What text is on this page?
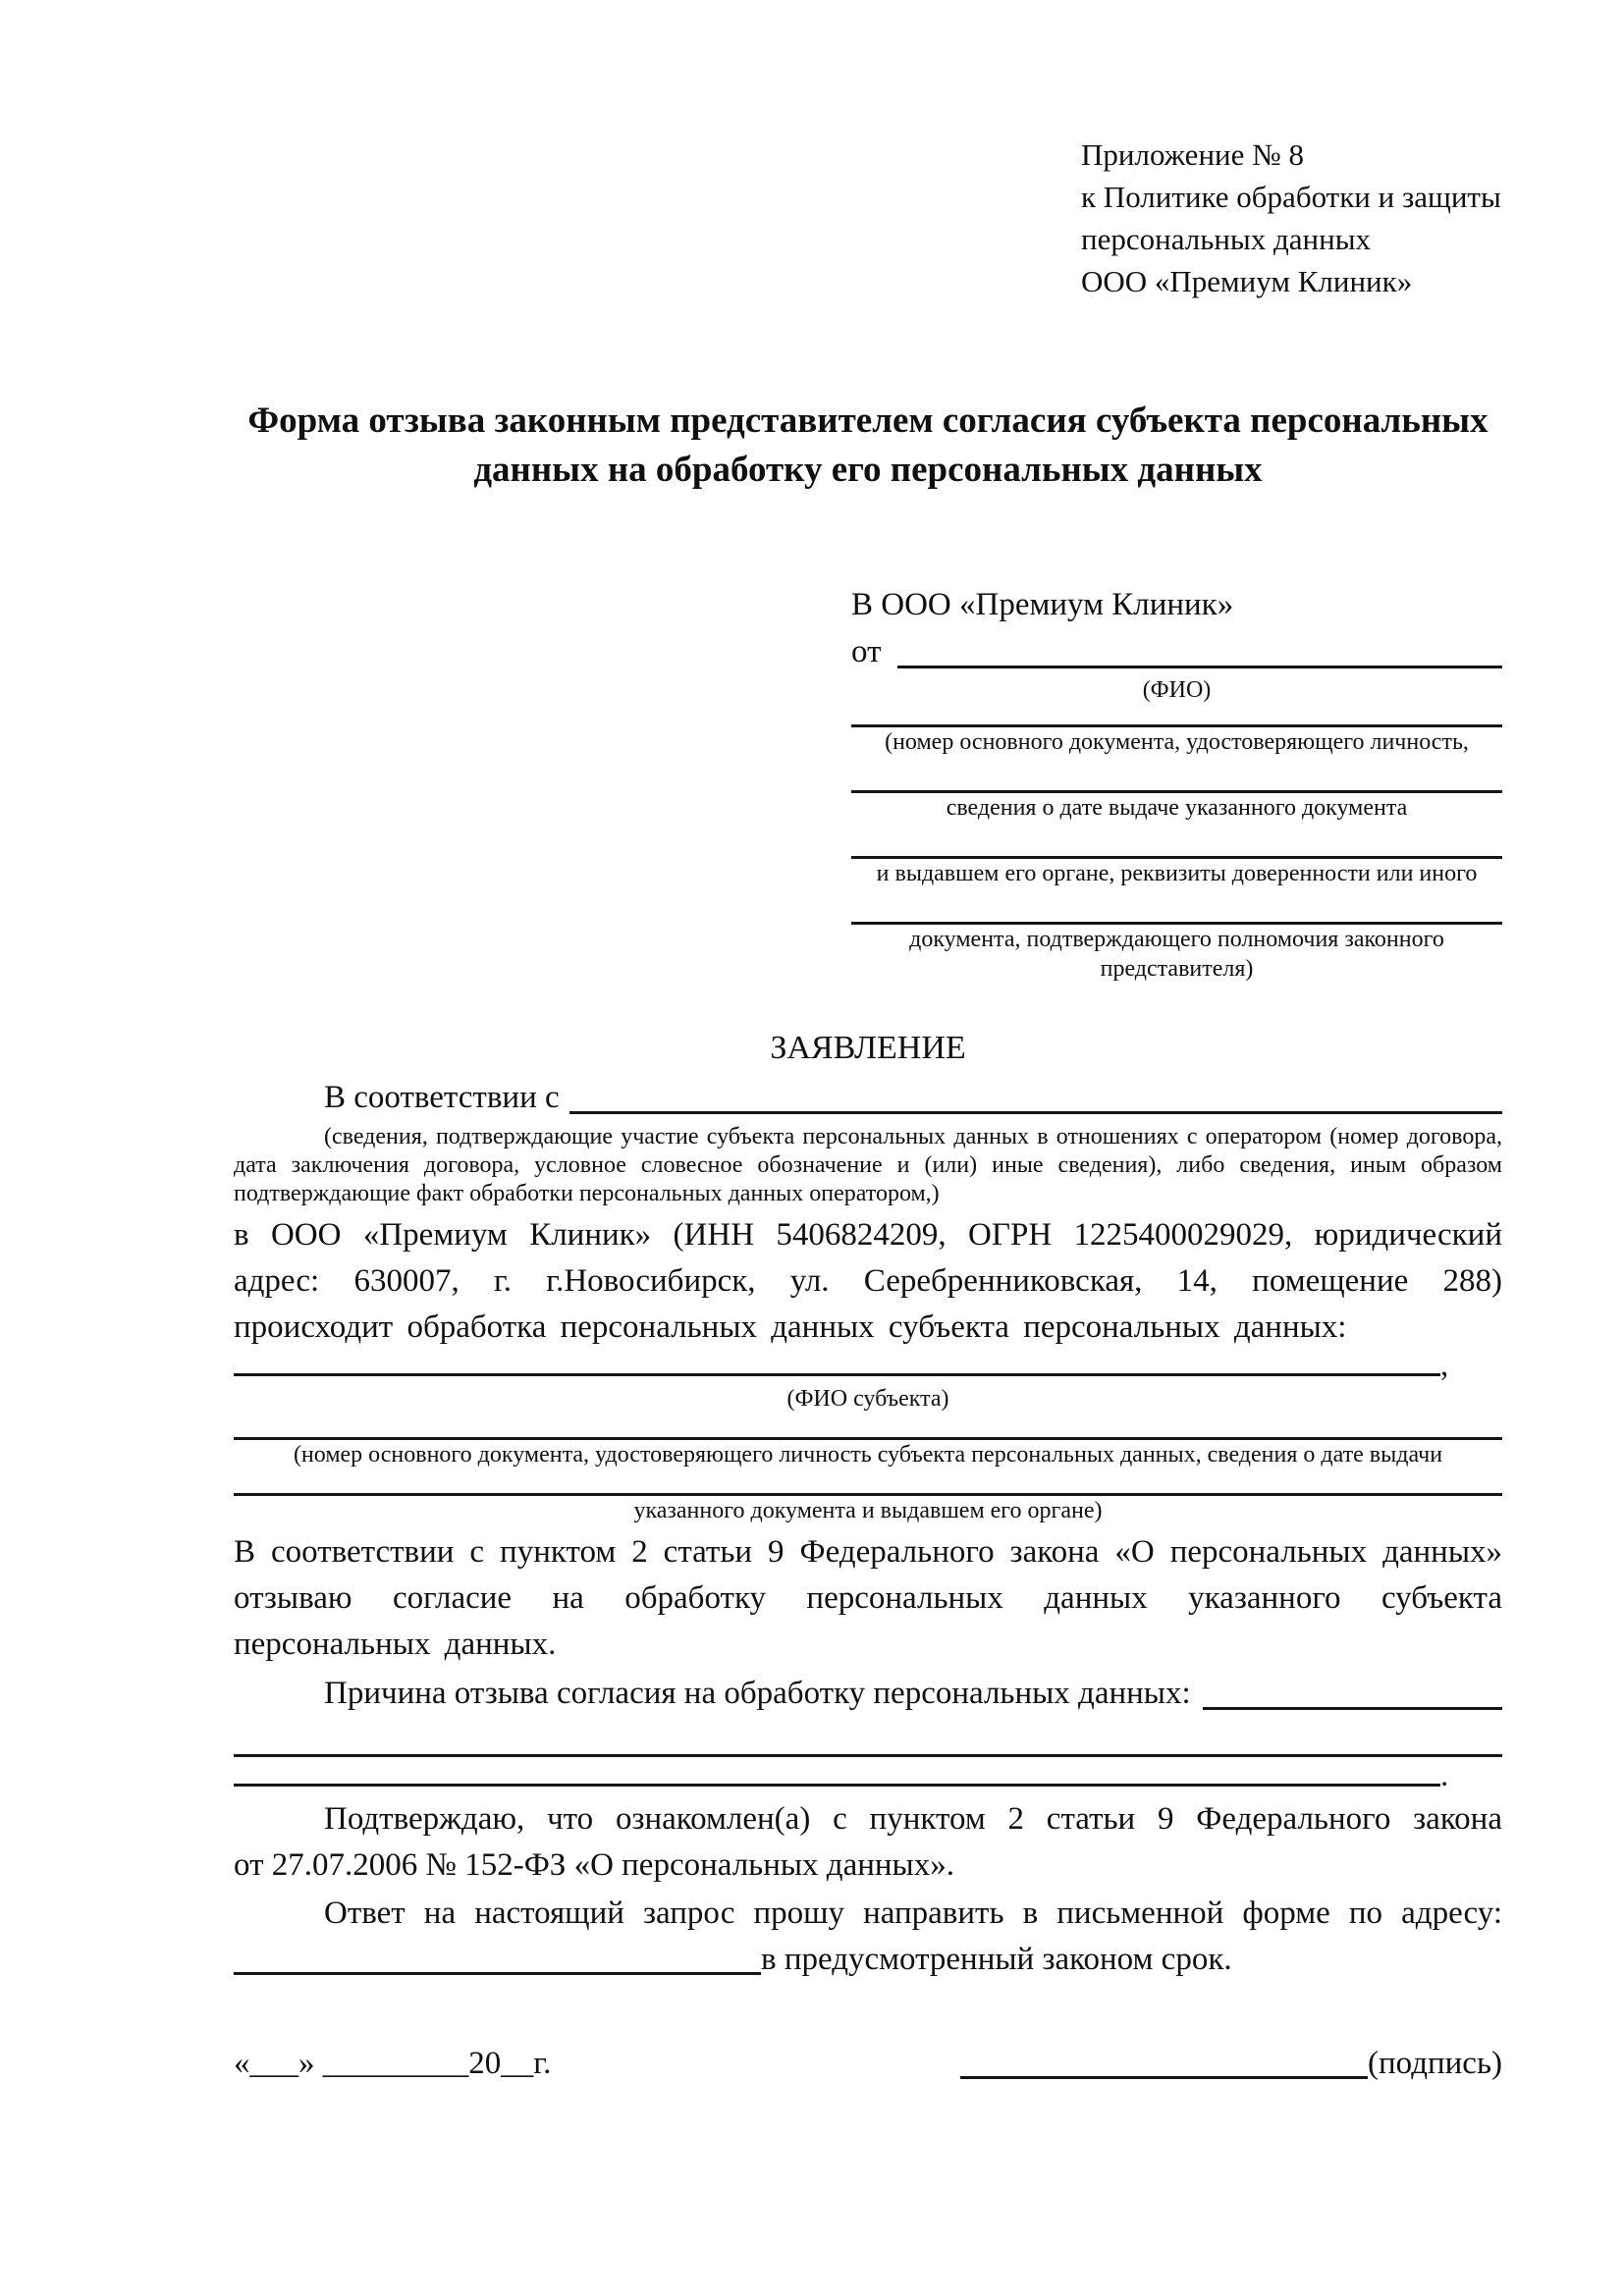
Приложение № 8
к Политике обработки и защиты
персональных данных
ООО «Премиум Клиник»
Форма отзыва законным представителем согласия субъекта персональных данных на обработку его персональных данных
В ООО «Премиум Клиник»
от
(ФИО)
(номер основного документа, удостоверяющего личность,
сведения о дате выдаче указанного документа
и выдавшем его органе, реквизиты доверенности или иного
документа, подтверждающего полномочия законного представителя)
ЗАЯВЛЕНИЕ
В соответствии с

(сведения, подтверждающие участие субъекта персональных данных в отношениях с оператором (номер договора, дата заключения договора, условное словесное обозначение и (или) иные сведения), либо сведения, иным образом подтверждающие факт обработки персональных данных оператором,)

в ООО «Премиум Клиник» (ИНН 5406824209, ОГРН 1225400029029, юридический адрес: 630007, г. г.Новосибирск, ул. Серебренниковская, 14, помещение 288) происходит обработка персональных данных субъекта персональных данных:

,
(ФИО субъекта)
(номер основного документа, удостоверяющего личность субъекта персональных данных, сведения о дате выдачи
указанного документа и выдавшем его органе)

В соответствии с пунктом 2 статьи 9 Федерального закона «О персональных данных» отзываю согласие на обработку персональных данных указанного субъекта персональных данных.

Причина отзыва согласия на обработку персональных данных:
.

Подтверждаю, что ознакомлен(а) с пунктом 2 статьи 9 Федерального закона

от 27.07.2006 № 152-ФЗ «О персональных данных».

Ответ на настоящий запрос прошу направить в письменной форме по адресу:

в предусмотренный законом срок.
«___» _________20__г.	(подпись)
